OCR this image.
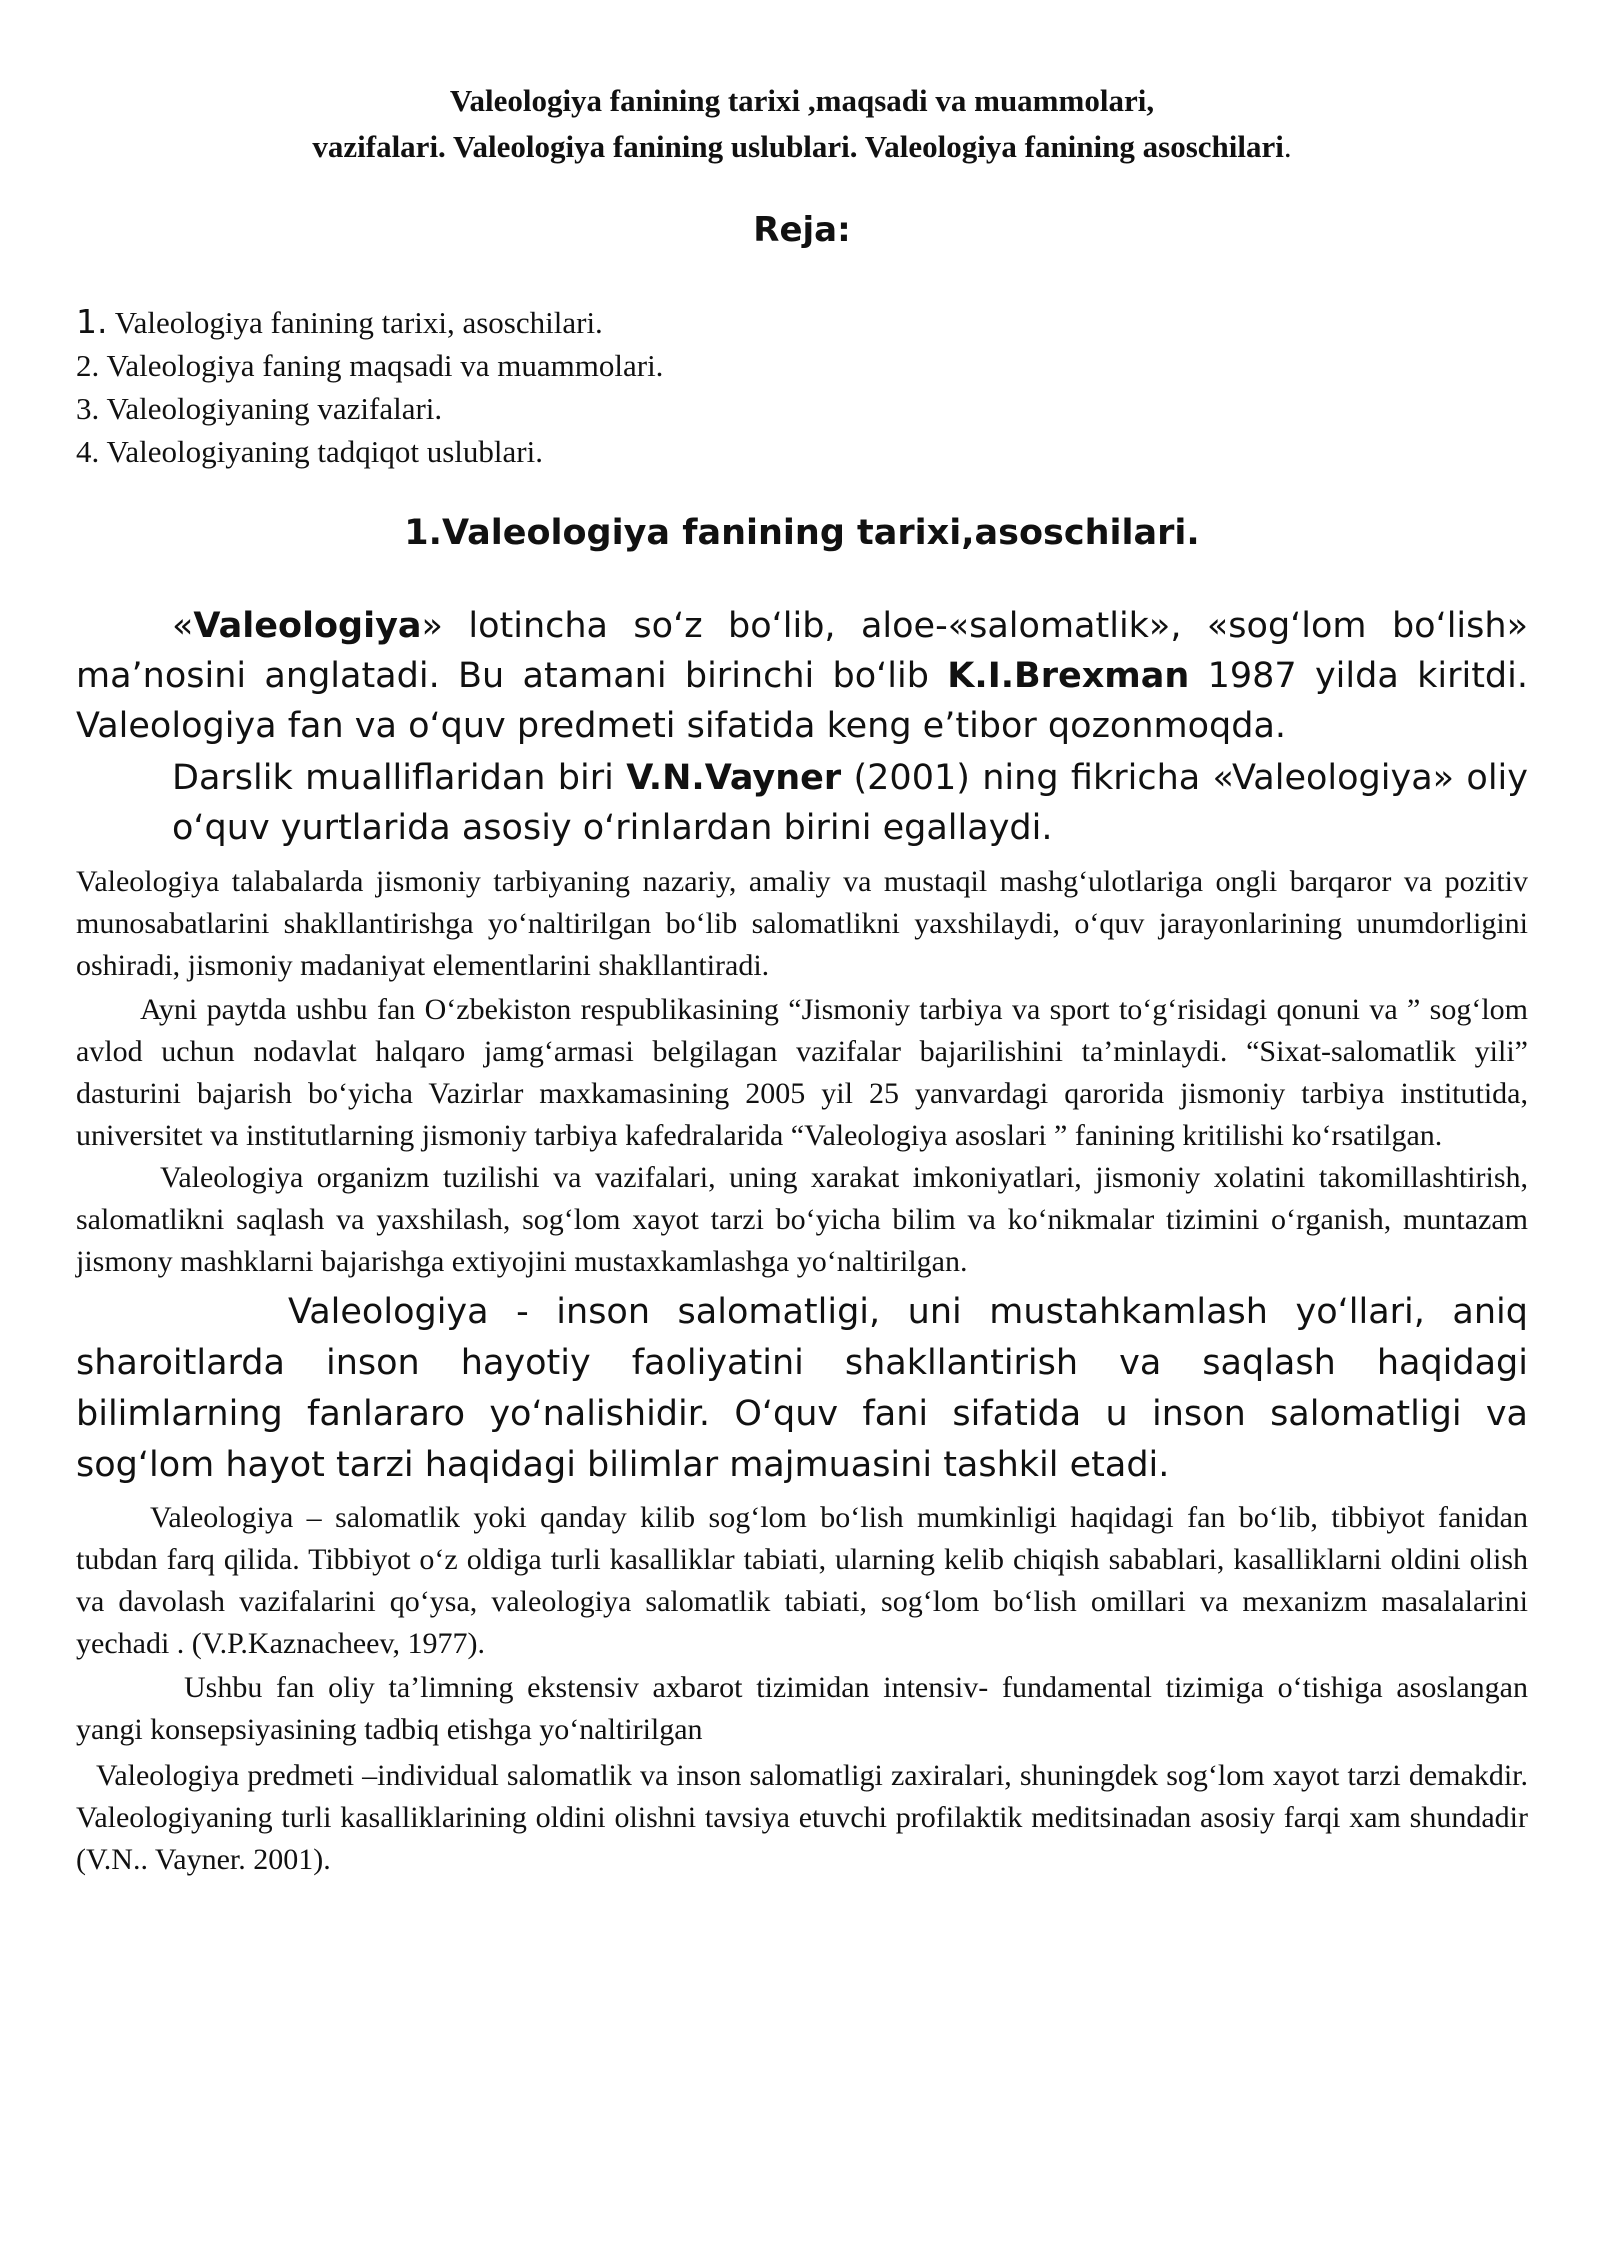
Valeologiya fanining tarixi ,maqsadi va muammolari,
vazifalari. Valeologiya fanining uslublari. Valeologiya fanining asoschilari.

Reja:

1. Valeologiya fanining tarixi, asoschilari.
2. Valeologiya faning maqsadi va muammolari.
3. Valeologiyaning vazifalari.
4. Valeologiyaning tadqiqot uslublari.
1.Valeologiya fanining tarixi,asoschilari.

«Valeologiya» lotincha so‘z bo‘lib, aloe-«salomatlik», «sog‘lom bo‘lish» ma’nosini anglatadi. Bu atamani birinchi bo‘lib K.I.Brexman 1987 yilda kiritdi. Valeologiya fan va o‘quv predmeti sifatida keng e’tibor qozonmoqda.

Darslik mualliflaridan biri V.N.Vayner (2001) ning fikricha «Valeologiya» oliy o‘quv yurtlarida asosiy o‘rinlardan birini egallaydi.

Valeologiya talabalarda jismoniy tarbiyaning nazariy, amaliy va mustaqil mashg‘ulotlariga ongli barqaror va pozitiv munosabatlarini shakllantirishga yo‘naltirilgan bo‘lib salomatlikni yaxshilaydi, o‘quv jarayonlarining unumdorligini oshiradi, jismoniy madaniyat elementlarini shakllantiradi.

Ayni paytda ushbu fan O‘zbekiston respublikasining “Jismoniy tarbiya va sport to‘g‘risidagi qonuni va ” sog‘lom avlod uchun nodavlat halqaro jamg‘armasi belgilagan vazifalar bajarilishini ta’minlaydi. “Sixat-salomatlik yili” dasturini bajarish bo‘yicha Vazirlar maxkamasining 2005 yil 25 yanvardagi qarorida jismoniy tarbiya institutida, universitet va institutlarning jismoniy tarbiya kafedralarida “Valeologiya asoslari ” fanining kritilishi ko‘rsatilgan.

Valeologiya organizm tuzilishi va vazifalari, uning xarakat imkoniyatlari, jismoniy xolatini takomillashtirish, salomatlikni saqlash va yaxshilash, sog‘lom xayot tarzi bo‘yicha bilim va ko‘nikmalar tizimini o‘rganish, muntazam jismony mashklarni bajarishga extiyojini mustaxkamlashga yo‘naltirilgan.

Valeologiya - inson salomatligi, uni mustahkamlash yo‘llari, aniq sharoitlarda inson hayotiy faoliyatini shakllantirish va saqlash haqidagi bilimlarning fanlararo yo‘nalishidir. O‘quv fani sifatida u inson salomatligi va sog‘lom hayot tarzi haqidagi bilimlar majmuasini tashkil etadi.

Valeologiya – salomatlik yoki qanday kilib sog‘lom bo‘lish mumkinligi haqidagi fan bo‘lib, tibbiyot fanidan tubdan farq qilida. Tibbiyot o‘z oldiga turli kasalliklar tabiati, ularning kelib chiqish sabablari, kasalliklarni oldini olish va davolash vazifalarini qo‘ysa, valeologiya salomatlik tabiati, sog‘lom bo‘lish omillari va mexanizm masalalarini yechadi . (V.P.Kaznacheev, 1977).

Ushbu fan oliy ta’limning ekstensiv axbarot tizimidan intensiv- fundamental tizimiga o‘tishiga asoslangan yangi konsepsiyasining tadbiq etishga yo‘naltirilgan

Valeologiya predmeti –individual salomatlik va inson salomatligi zaxiralari, shuningdek sog‘lom xayot tarzi demakdir. Valeologiyaning turli kasalliklarining oldini olishni tavsiya etuvchi profilaktik meditsinadan asosiy farqi xam shundadir (V.N.. Vayner. 2001).
